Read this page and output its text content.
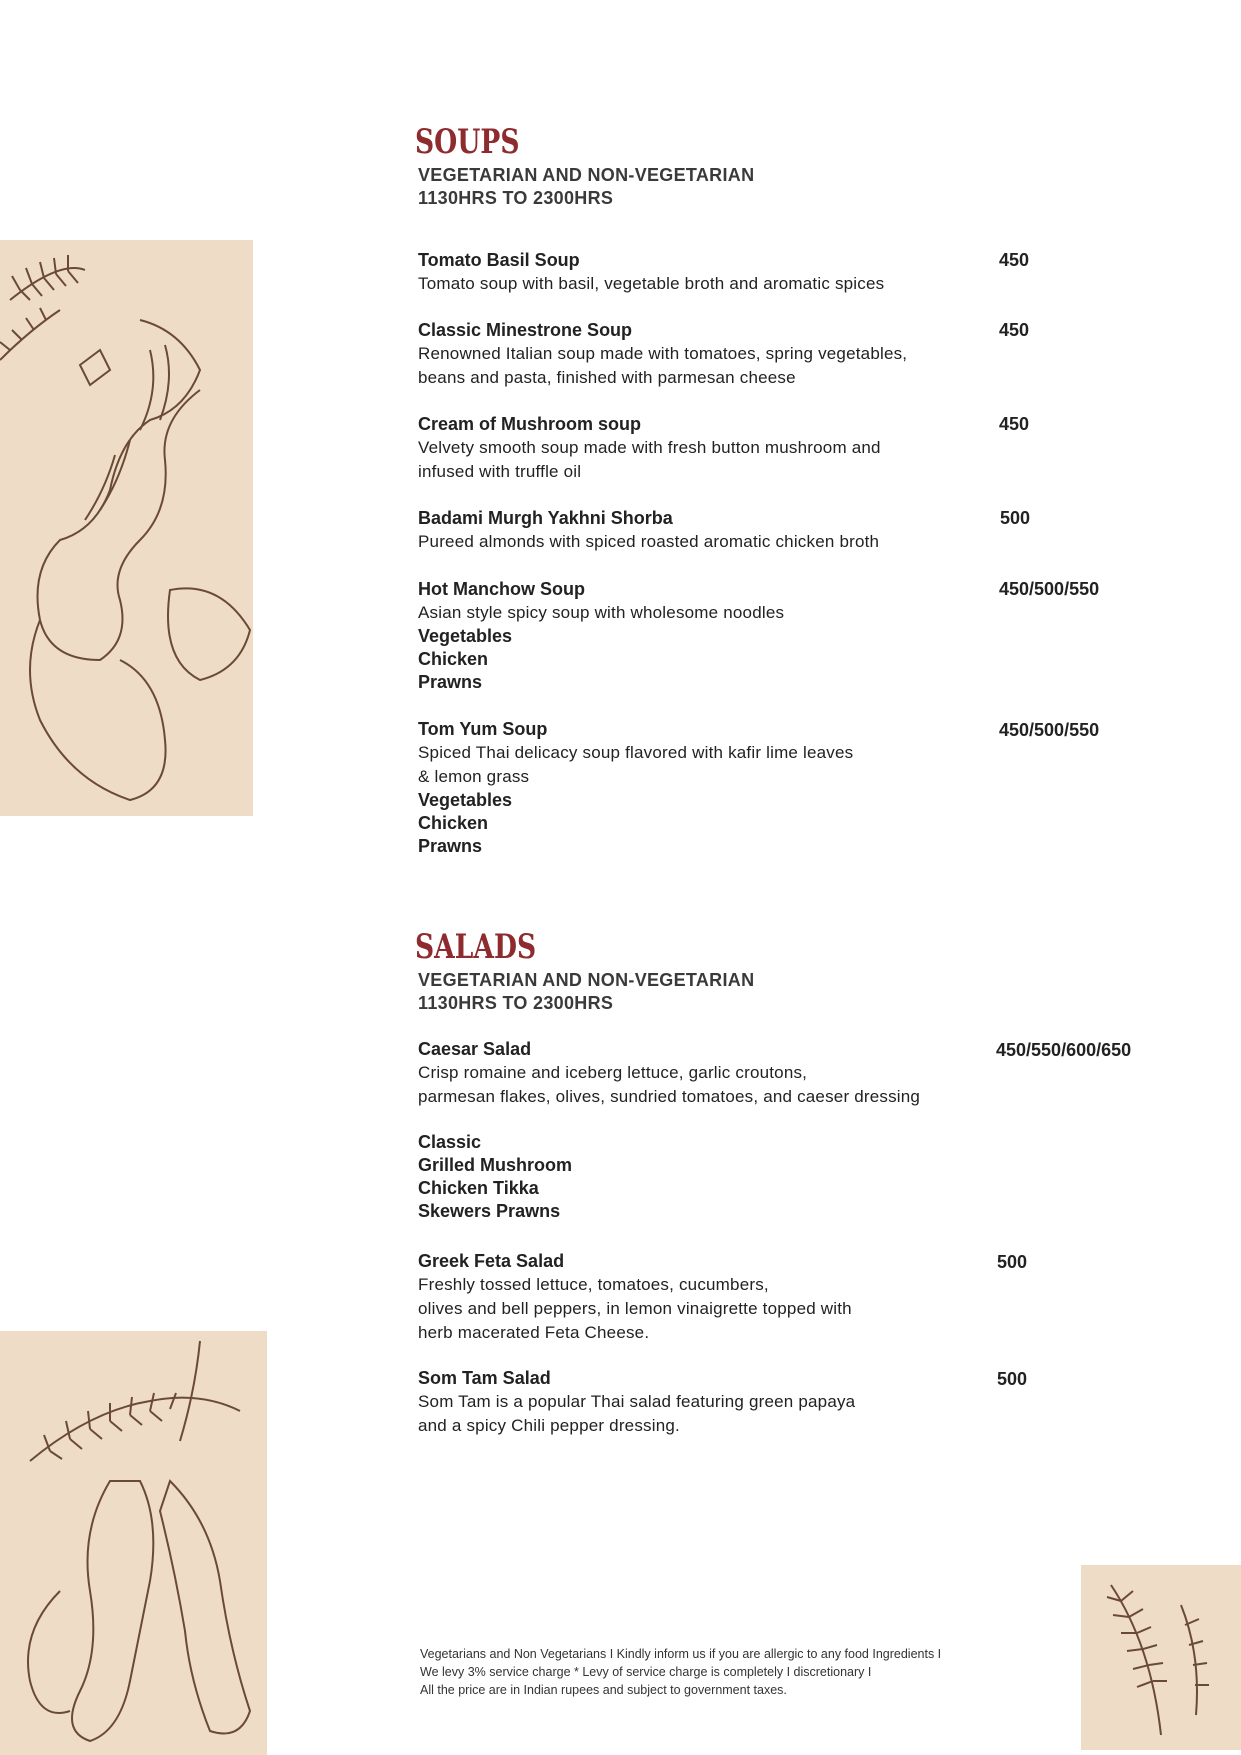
SOUPS
VEGETARIAN AND NON-VEGETARIAN
1130HRS TO 2300HRS
Tomato Basil Soup
Tomato soup with basil, vegetable broth and aromatic spices
450
Classic Minestrone Soup
Renowned Italian soup made with tomatoes, spring vegetables,
beans and pasta, finished with parmesan cheese
450
Cream of Mushroom soup
Velvety smooth soup made with fresh button mushroom and
infused with truffle oil
450
Badami Murgh Yakhni Shorba
Pureed almonds with spiced roasted aromatic chicken broth
500
Hot Manchow Soup
Asian style spicy soup with wholesome noodles
Vegetables
Chicken
Prawns
450/500/550
Tom Yum Soup
Spiced Thai delicacy soup flavored with kafir lime leaves
& lemon grass
Vegetables
Chicken
Prawns
450/500/550
SALADS
VEGETARIAN AND NON-VEGETARIAN
1130HRS TO 2300HRS
Caesar Salad
Crisp romaine and iceberg lettuce, garlic croutons,
parmesan flakes, olives, sundried tomatoes, and caeser dressing
Classic
Grilled Mushroom
Chicken Tikka
Skewers Prawns
450/550/600/650
Greek Feta Salad
Freshly tossed lettuce, tomatoes, cucumbers,
olives and bell peppers, in lemon vinaigrette topped with
herb macerated Feta Cheese.
500
Som Tam Salad
Som Tam is a popular Thai salad featuring green papaya
and a spicy Chili pepper dressing.
500
Vegetarians and Non Vegetarians I Kindly inform us if you are allergic to any food Ingredients I
We levy 3% service charge * Levy of service charge is completely I discretionary I
All the price are in Indian rupees and subject to government taxes.
